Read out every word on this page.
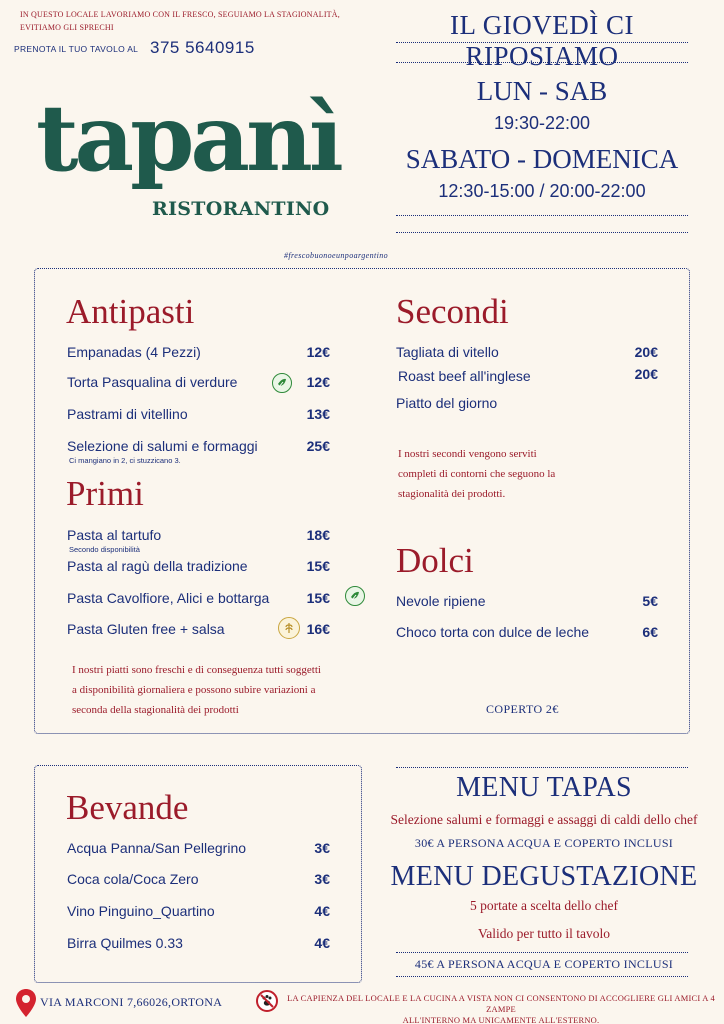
IN QUESTO LOCALE LAVORIAMO CON IL FRESCO, SEGUIAMO LA STAGIONALITÀ,
EVITIAMO GLI SPRECHI
PRENOTA IL TUO TAVOLO AL 375 5640915
tapanì
RISTORANTINO
#frescobuonoeunpoargentino
IL GIOVEDÌ CI RIPOSIAMO
LUN - SAB
19:30-22:00
SABATO - DOMENICA
12:30-15:00 / 20:00-22:00
Antipasti
Empanadas (4 Pezzi)	12€
Torta Pasqualina di verdure	12€
Pastrami di vitellino	13€
Selezione di salumi e formaggi	25€
Ci mangiano in 2, ci stuzzicano 3.
Primi
Pasta al tartufo	18€
Secondo disponibilità
Pasta al ragù della tradizione	15€
Pasta Cavolfiore, Alici e bottarga	15€
Pasta Gluten free + salsa	16€
I nostri piatti sono freschi e di conseguenza tutti soggetti
a disponibilità giornaliera e possono subire variazioni a
seconda della stagionalità dei prodotti
Secondi
Tagliata di vitello	20€
Roast beef all'inglese	20€
Piatto del giorno
I nostri secondi vengono serviti
completi di contorni che seguono la
stagionalità dei prodotti.
Dolci
Nevole ripiene	5€
Choco torta con dulce de leche	6€
COPERTO 2€
Bevande
Acqua Panna/San Pellegrino	3€
Coca cola/Coca Zero	3€
Vino Pinguino_Quartino	4€
Birra Quilmes 0.33	4€
MENU TAPAS
Selezione salumi e formaggi e assaggi di caldi dello chef
30€ A PERSONA ACQUA E COPERTO INCLUSI
MENU DEGUSTAZIONE
5 portate a scelta dello chef
Valido per tutto il tavolo
45€ A PERSONA ACQUA E COPERTO INCLUSI
VIA MARCONI 7,66026,ORTONA	LA CAPIENZA DEL LOCALE E LA CUCINA A VISTA NON CI CONSENTONO DI ACCOGLIERE GLI AMICI A 4 ZAMPE
ALL'INTERNO MA UNICAMENTE ALL'ESTERNO.
